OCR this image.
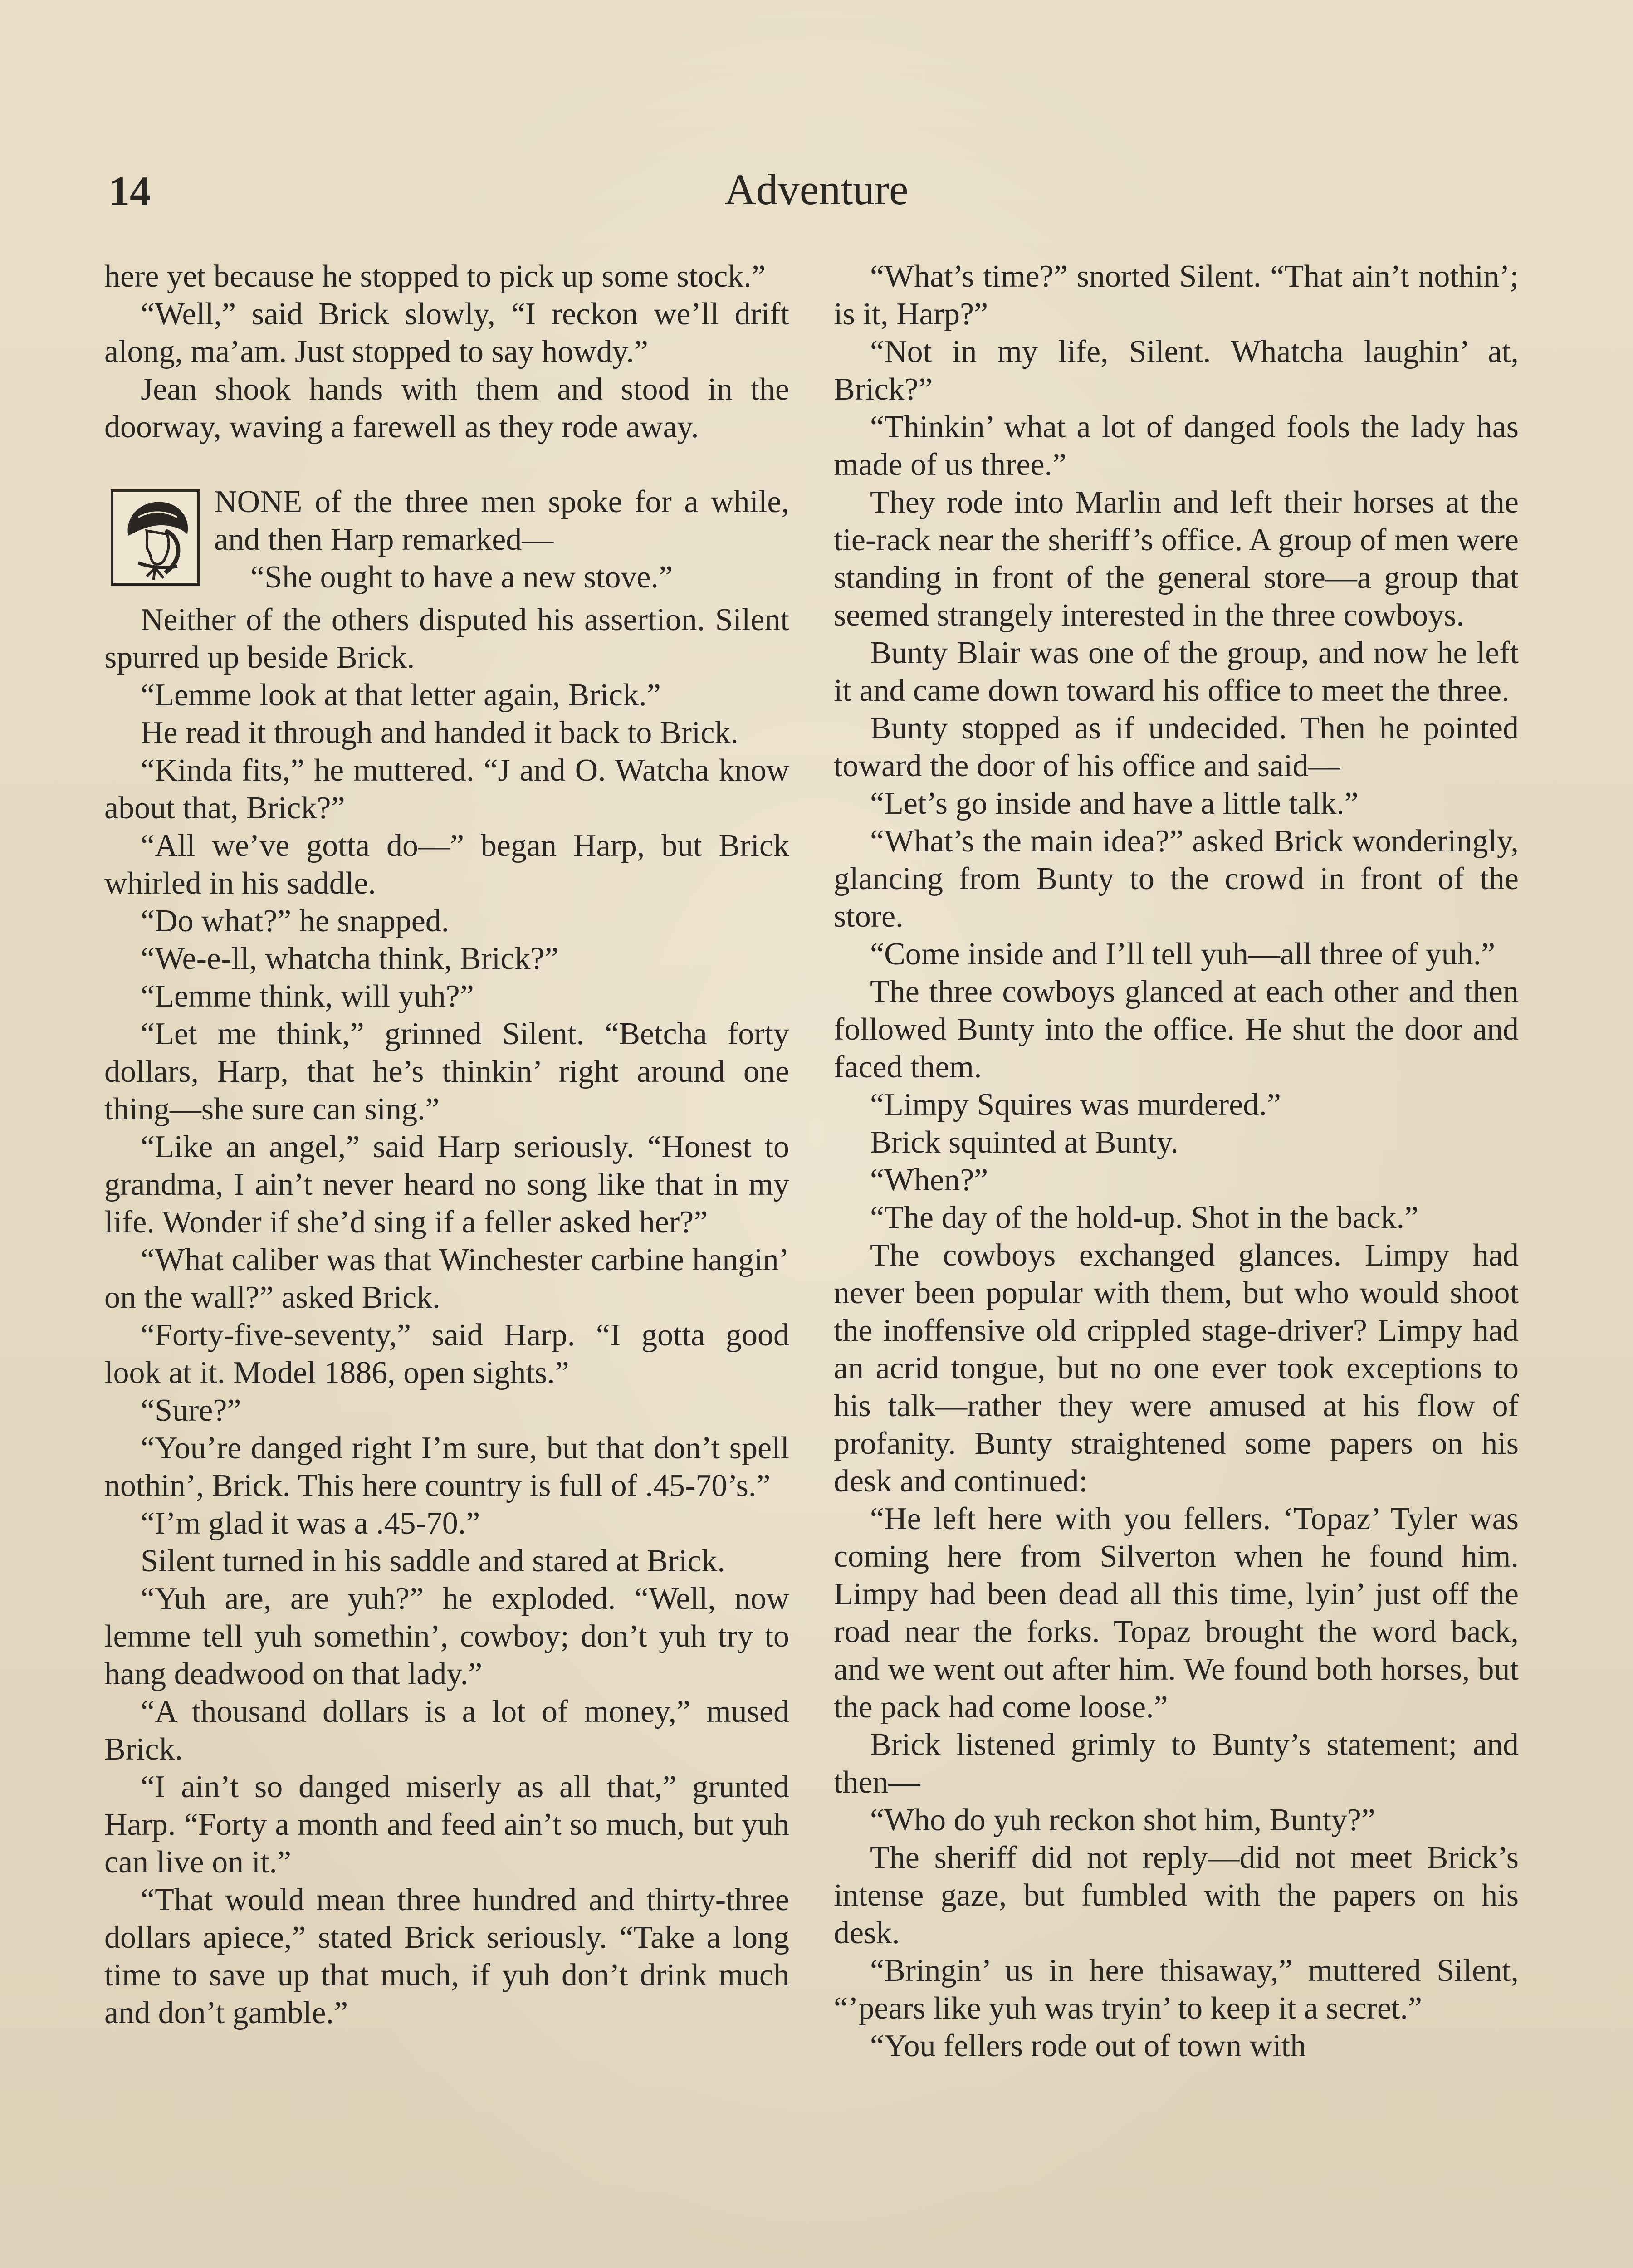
14	Adventure

here yet because he stopped to pick up some stock.”

“Well,” said Brick slowly, “I reckon we’ll drift along, ma’am. Just stopped to say howdy.”

Jean shook hands with them and stood in the doorway, waving a farewell as they rode away.

NONE of the three men spoke for a while, and then Harp remarked—

“She ought to have a new stove.”

Neither of the others disputed his assertion. Silent spurred up beside Brick.

“Lemme look at that letter again, Brick.”

He read it through and handed it back to Brick.

“Kinda fits,” he muttered. “J and O. Watcha know about that, Brick?”

“All we’ve gotta do—” began Harp, but Brick whirled in his saddle.

“Do what?” he snapped.

“We-e-ll, whatcha think, Brick?”

“Lemme think, will yuh?”

“Let me think,” grinned Silent. “Betcha forty dollars, Harp, that he’s thinkin’ right around one thing—she sure can sing.”

“Like an angel,” said Harp seriously. “Honest to grandma, I ain’t never heard no song like that in my life. Wonder if she’d sing if a feller asked her?”

“What caliber was that Winchester carbine hangin’ on the wall?” asked Brick.

“Forty-five-seventy,” said Harp. “I gotta good look at it. Model 1886, open sights.”

“Sure?”

“You’re danged right I’m sure, but that don’t spell nothin’, Brick. This here country is full of .45-70’s.”

“I’m glad it was a .45-70.”

Silent turned in his saddle and stared at Brick.

“Yuh are, are yuh?” he exploded. “Well, now lemme tell yuh somethin’, cowboy; don’t yuh try to hang deadwood on that lady.”

“A thousand dollars is a lot of money,” mused Brick.

“I ain’t so danged miserly as all that,” grunted Harp. “Forty a month and feed ain’t so much, but yuh can live on it.”

“That would mean three hundred and thirty-three dollars apiece,” stated Brick seriously. “Take a long time to save up that much, if yuh don’t drink much and don’t gamble.”

“What’s time?” snorted Silent. “That ain’t nothin’; is it, Harp?”

“Not in my life, Silent. Whatcha laughin’ at, Brick?”

“Thinkin’ what a lot of danged fools the lady has made of us three.”

They rode into Marlin and left their horses at the tie-rack near the sheriff’s office. A group of men were standing in front of the general store—a group that seemed strangely interested in the three cowboys.

Bunty Blair was one of the group, and now he left it and came down toward his office to meet the three.

Bunty stopped as if undecided. Then he pointed toward the door of his office and said—

“Let’s go inside and have a little talk.”

“What’s the main idea?” asked Brick wonderingly, glancing from Bunty to the crowd in front of the store.

“Come inside and I’ll tell yuh—all three of yuh.”

The three cowboys glanced at each other and then followed Bunty into the office. He shut the door and faced them.

“Limpy Squires was murdered.”

Brick squinted at Bunty.

“When?”

“The day of the hold-up. Shot in the back.”

The cowboys exchanged glances. Limpy had never been popular with them, but who would shoot the inoffensive old crippled stage-driver? Limpy had an acrid tongue, but no one ever took exceptions to his talk—rather they were amused at his flow of profanity. Bunty straightened some papers on his desk and continued:

“He left here with you fellers. ‘Topaz’ Tyler was coming here from Silverton when he found him. Limpy had been dead all this time, lyin’ just off the road near the forks. Topaz brought the word back, and we went out after him. We found both horses, but the pack had come loose.”

Brick listened grimly to Bunty’s statement; and then—

“Who do yuh reckon shot him, Bunty?”

The sheriff did not reply—did not meet Brick’s intense gaze, but fumbled with the papers on his desk.

“Bringin’ us in here thisaway,” muttered Silent, “’pears like yuh was tryin’ to keep it a secret.”

“You fellers rode out of town with
